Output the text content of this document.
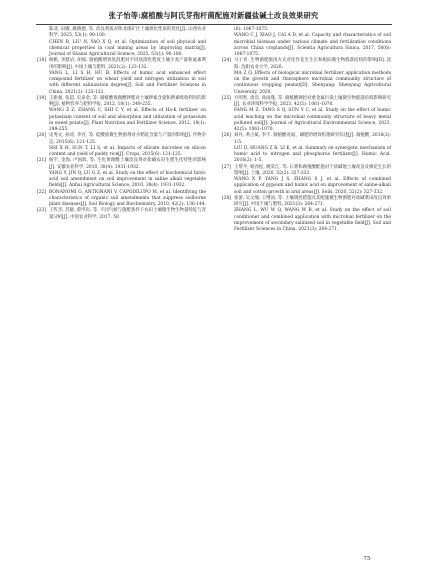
张子怡等:腐植酸与阿氏芽孢杆菌配施对新疆盐碱土改良效果研究

陈北, 田娜, 姚晓德, 等. 改良黄质对陕北煤矿区土壤理化性质的优化[J]. 山西农业科学, 2025, 53(1): 90-100.

CHEN B, LIU N, YAO X Q, et al. Optimization of soil physical and chemical properties in coal mining areas by improving matrix[J]. Journal of Shanxi Agricultural Science, 2025, 53(1): 90-100.

[18] 杨帆, 李默岩, 胡斌. 腐植酸增效复混肥对不同盐渍化程度土壤小麦产量和氮素利用的影响[J]. 中国土壤与肥料, 2021(2): 123-132.

YANG L, LI S H, HU B. Effects of humic acid enhanced effect compound fertilizer on wheat yield and nitrogen utilization in soil with different salinization degree[J]. Soil and Fertilizer Sciences in China, 2021(2): 123-132.

[19] 王新强, 张超, 史泰金, 等. 腐植酸黄腐酸钾肥对土壤钾素含量和钾素吸收利用的影响[J]. 植物营养与肥料学报, 2012, 18(1): 249-255.

WANG Z Z, ZHANG C, SHI C Y, et al. Effects of Ha-K fertilizer on potassium content of soil and absorption and utilization of potassium in sweet potato[J]. Plant Nutrition and Fertilizer Science, 2012, 18(1): 249-255.

[20] 史秀文, 孙涛, 李亮, 等. 硅酸盐微生物菌剂对水稻硅含量与产量的影响[J]. 作物杂志, 2015(6): 121-125.

SHI X H, SUN T, LI S, et al. Impacts of silicate microbes on silicon content and yield of paddy rice[J]. Crops, 2015(6): 121-125.

[21] 杨宇, 金海, 卢国政, 等. 生化黄腐酸土壤改良剂对盐碱农田生理生化特性的影响[J]. 安徽农业科学, 2010, 38(4): 1931-1932.

YANG Y, JIN Q, LU G Z, et al. Study on the effect of biochemical fulvic acid soil amendment on soil improvement in saline alkali vegetable fields[J]. Anhui Agricultural Science, 2010, 38(4): 1931-1932.

[22] BONANOMI G, ANTIGNANI V, CAPODILUPO M, et al. Identifying the characteristics of organic soil amendments that suppress soilborne plant diseases[J]. Soil Biology and Biochemistry, 2010, 42(2): 136-144.

[23] 王传杰, 苏敏, 蔡甲岩, 等. 不同气候与施肥条件下农田土壤微生物生物量特征与容量分析[J]. 中国农业科学, 2017, 50

(6): 1067-1075.

WANG C J, XIAO J, CAI A D, et al. Capacity and characteristics of soil microbial biomass under various climate and fertilization conditions across China croplands[J]. Scientia Agricultura Sinica, 2017, 50(6): 1067-1075.

[24] 马子青. 生物菌肥施用方式对连作花生生长和根际微生物群落结构的影响[D]. 沈阳: 沈阳农业大学, 2020.

MA Z Q. Effects of biological microbial fertilizer application methods on the growth and rhizosphere microbial community structure of continuous cropping peanut[D]. Shenyang: Shenyang Agricultural University, 2020.

[25] 方明智, 唐浩, 孙雨瑾, 等. 腐植酸调控对重金属污染土壤微生物群落结构影响研究[J]. 农业环境科学学报, 2023, 42(5): 1061-1070.

FANG M Z, TANG S Q, SUN Y C, et al. Study on the effect of humic acid leaching on the microbial community structure of heavy metal polluted soil[J]. Journal of Agricultural Environmental Science, 2023, 42(5): 1061-1070.

[26] 刘丹, 黄占斌, 李宇. 腐植酸对氮、磷肥的增效机理研究综述[J]. 腐植酸, 2016(2): 1-5.

LIU D, HUANG Z B, LI K, et al. Summary on synergetic mechanism of humic acid to nitrogen and phosphorus fertilizer[J]. Humic Acid, 2016(2): 1-5.

[27] 王帮平, 杨劲松, 姚荣江, 等. 石膏和腐殖酸配施对于盐碱地土壤改良及棉花生长的影响[J]. 土壤, 2020, 52(2): 327-332.

WANG X P, YANG J S, ZHANG S J, et al. Effects of combined application of gypsum and humic acid on improvement of saline-alkali soil and cotton growth in arid areas[J]. Soils, 2020, 52(2): 327-332.

[28] 张蕾, 吴文瑜, 王继国, 等. 土壤调控措施及其配施微生物菌肥对盐碱菜田改良效果研究[J]. 中国土壤与肥料, 2021(3): 264-271.

ZHANG L, WU W Q, WANG W R, et al. Study on the effect of soil conditioner and combined application with microbial fertilizer on the improvement of secondary salinized soil in vegetable field[J]. Soil and Fertilizer Sciences in China, 2021(3): 264-271.

·75·
